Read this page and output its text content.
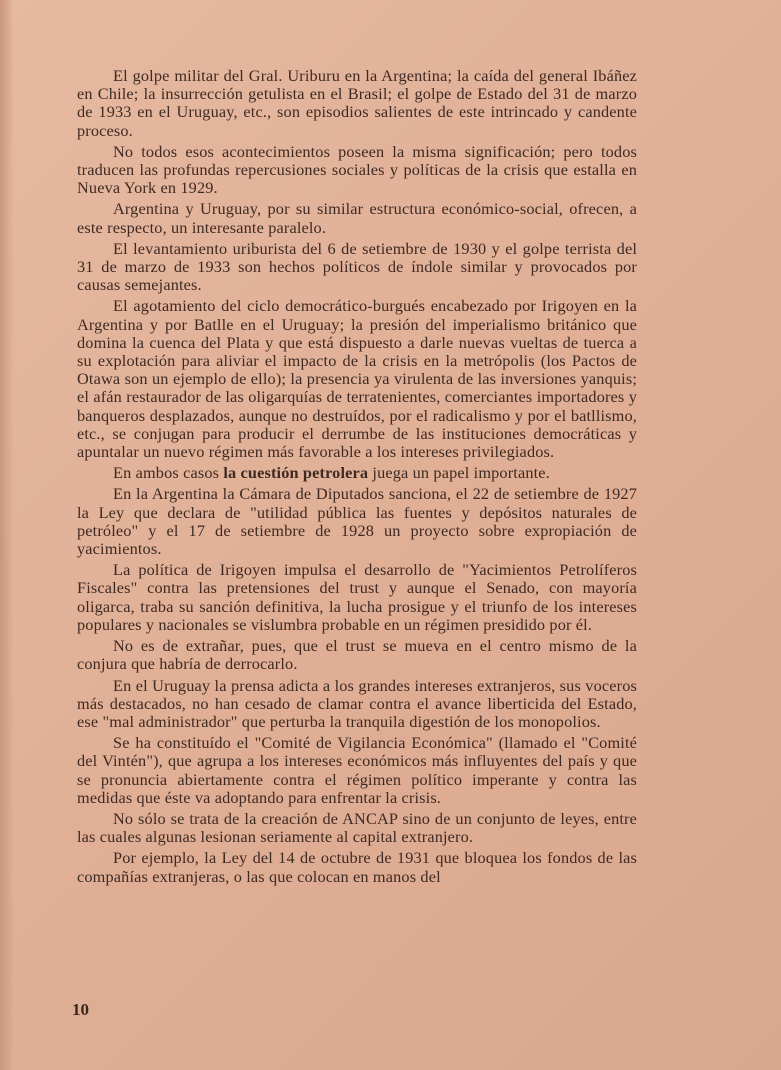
El golpe militar del Gral. Uriburu en la Argentina; la caída del general Ibáñez en Chile; la insurrección getulista en el Brasil; el golpe de Estado del 31 de marzo de 1933 en el Uruguay, etc., son episodios salientes de este intrincado y candente proceso.

No todos esos acontecimientos poseen la misma significación; pero todos traducen las profundas repercusiones sociales y políticas de la crisis que estalla en Nueva York en 1929.

Argentina y Uruguay, por su similar estructura económico-social, ofrecen, a este respecto, un interesante paralelo.

El levantamiento uriburista del 6 de setiembre de 1930 y el golpe terrista del 31 de marzo de 1933 son hechos políticos de índole similar y provocados por causas semejantes.

El agotamiento del ciclo democrático-burgués encabezado por Irigoyen en la Argentina y por Batlle en el Uruguay; la presión del imperialismo británico que domina la cuenca del Plata y que está dispuesto a darle nuevas vueltas de tuerca a su explotación para aliviar el impacto de la crisis en la metrópolis (los Pactos de Otawa son un ejemplo de ello); la presencia ya virulenta de las inversiones yanquis; el afán restaurador de las oligarquías de terratenientes, comerciantes importadores y banqueros desplazados, aunque no destruídos, por el radicalismo y por el batllismo, etc., se conjugan para producir el derrumbe de las instituciones democráticas y apuntalar un nuevo régimen más favorable a los intereses privilegiados.

En ambos casos la cuestión petrolera juega un papel importante.

En la Argentina la Cámara de Diputados sanciona, el 22 de setiembre de 1927 la Ley que declara de "utilidad pública las fuentes y depósitos naturales de petróleo" y el 17 de setiembre de 1928 un proyecto sobre expropiación de yacimientos.

La política de Irigoyen impulsa el desarrollo de "Yacimientos Petrolíferos Fiscales" contra las pretensiones del trust y aunque el Senado, con mayoría oligarca, traba su sanción definitiva, la lucha prosigue y el triunfo de los intereses populares y nacionales se vislumbra probable en un régimen presidido por él.

No es de extrañar, pues, que el trust se mueva en el centro mismo de la conjura que habría de derrocarlo.

En el Uruguay la prensa adicta a los grandes intereses extranjeros, sus voceros más destacados, no han cesado de clamar contra el avance liberticida del Estado, ese "mal administrador" que perturba la tranquila digestión de los monopolios.

Se ha constituído el "Comité de Vigilancia Económica" (llamado el "Comité del Vintén"), que agrupa a los intereses económicos más influyentes del país y que se pronuncia abiertamente contra el régimen político imperante y contra las medidas que éste va adoptando para enfrentar la crisis.

No sólo se trata de la creación de ANCAP sino de un conjunto de leyes, entre las cuales algunas lesionan seriamente al capital extranjero.

Por ejemplo, la Ley del 14 de octubre de 1931 que bloquea los fondos de las compañías extranjeras, o las que colocan en manos del

10
